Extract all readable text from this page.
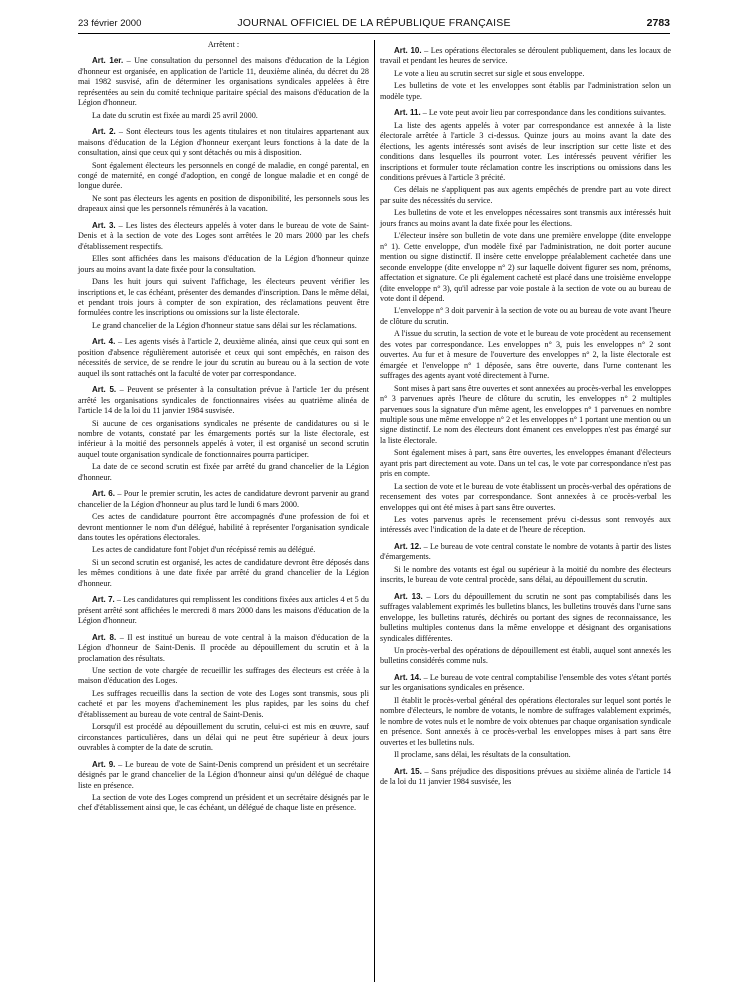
23 février 2000	JOURNAL OFFICIEL DE LA RÉPUBLIQUE FRANÇAISE	2783

Arrêtent :

Art. 1er. – Une consultation du personnel des maisons d'éducation de la Légion d'honneur est organisée, en application de l'article 11, deuxième alinéa, du décret du 28 mai 1982 susvisé, afin de déterminer les organisations syndicales appelées à être représentées au sein du comité technique paritaire spécial des maisons d'éducation de la Légion d'honneur.

La date du scrutin est fixée au mardi 25 avril 2000.

Art. 2. – Sont électeurs tous les agents titulaires et non titulaires appartenant aux maisons d'éducation de la Légion d'honneur exerçant leurs fonctions à la date de la consultation, ainsi que ceux qui y sont détachés ou mis à disposition.

Sont également électeurs les personnels en congé de maladie, en congé parental, en congé de maternité, en congé d'adoption, en congé de longue maladie et en congé de longue durée.

Ne sont pas électeurs les agents en position de disponibilité, les personnels sous les drapeaux ainsi que les personnels rémunérés à la vacation.

Art. 3. – Les listes des électeurs appelés à voter dans le bureau de vote de Saint-Denis et à la section de vote des Loges sont arrêtées le 20 mars 2000 par les chefs d'établissement respectifs.

Elles sont affichées dans les maisons d'éducation de la Légion d'honneur quinze jours au moins avant la date fixée pour la consultation.

Dans les huit jours qui suivent l'affichage, les électeurs peuvent vérifier les inscriptions et, le cas échéant, présenter des demandes d'inscription. Dans le même délai, et pendant trois jours à compter de son expiration, des réclamations peuvent être formulées contre les inscriptions ou omissions sur la liste électorale.

Le grand chancelier de la Légion d'honneur statue sans délai sur les réclamations.

Art. 4. – Les agents visés à l'article 2, deuxième alinéa, ainsi que ceux qui sont en position d'absence régulièrement autorisée et ceux qui sont empêchés, en raison des nécessités de service, de se rendre le jour du scrutin au bureau ou à la section de vote auquel ils sont rattachés ont la faculté de voter par correspondance.

Art. 5. – Peuvent se présenter à la consultation prévue à l'article 1er du présent arrêté les organisations syndicales de fonctionnaires visées au quatrième alinéa de l'article 14 de la loi du 11 janvier 1984 susvisée.

Si aucune de ces organisations syndicales ne présente de candidatures ou si le nombre de votants, constaté par les émargements portés sur la liste électorale, est inférieur à la moitié des personnels appelés à voter, il est organisé un second scrutin auquel toute organisation syndicale de fonctionnaires pourra participer.

La date de ce second scrutin est fixée par arrêté du grand chancelier de la Légion d'honneur.

Art. 6. – Pour le premier scrutin, les actes de candidature devront parvenir au grand chancelier de la Légion d'honneur au plus tard le lundi 6 mars 2000.

Ces actes de candidature pourront être accompagnés d'une profession de foi et devront mentionner le nom d'un délégué, habilité à représenter l'organisation syndicale dans toutes les opérations électorales.

Les actes de candidature font l'objet d'un récépissé remis au délégué.

Si un second scrutin est organisé, les actes de candidature devront être déposés dans les mêmes conditions à une date fixée par arrêté du grand chancelier de la Légion d'honneur.

Art. 7. – Les candidatures qui remplissent les conditions fixées aux articles 4 et 5 du présent arrêté sont affichées le mercredi 8 mars 2000 dans les maisons d'éducation de la Légion d'honneur.

Art. 8. – Il est institué un bureau de vote central à la maison d'éducation de la Légion d'honneur de Saint-Denis. Il procède au dépouillement du scrutin et à la proclamation des résultats.

Une section de vote chargée de recueillir les suffrages des électeurs est créée à la maison d'éducation des Loges.

Les suffrages recueillis dans la section de vote des Loges sont transmis, sous pli cacheté et par les moyens d'acheminement les plus rapides, par les soins du chef d'établissement au bureau de vote central de Saint-Denis.

Lorsqu'il est procédé au dépouillement du scrutin, celui-ci est mis en œuvre, sauf circonstances particulières, dans un délai qui ne peut être supérieur à deux jours ouvrables à compter de la date de scrutin.

Art. 9. – Le bureau de vote de Saint-Denis comprend un président et un secrétaire désignés par le grand chancelier de la Légion d'honneur ainsi qu'un délégué de chaque liste en présence.

La section de vote des Loges comprend un président et un secrétaire désignés par le chef d'établissement ainsi que, le cas échéant, un délégué de chaque liste en présence.

Art. 10. – Les opérations électorales se déroulent publiquement, dans les locaux de travail et pendant les heures de service.

Le vote a lieu au scrutin secret sur sigle et sous enveloppe.

Les bulletins de vote et les enveloppes sont établis par l'administration selon un modèle type.

Art. 11. – Le vote peut avoir lieu par correspondance dans les conditions suivantes.

La liste des agents appelés à voter par correspondance est annexée à la liste électorale arrêtée à l'article 3 ci-dessus. Quinze jours au moins avant la date des élections, les agents intéressés sont avisés de leur inscription sur cette liste et des conditions dans lesquelles ils pourront voter. Les intéressés peuvent vérifier les inscriptions et formuler toute réclamation contre les inscriptions ou omissions dans les conditions prévues à l'article 3 précité.

Ces délais ne s'appliquent pas aux agents empêchés de prendre part au vote direct par suite des nécessités du service.

Les bulletins de vote et les enveloppes nécessaires sont transmis aux intéressés huit jours francs au moins avant la date fixée pour les élections.

L'électeur insère son bulletin de vote dans une première enveloppe (dite enveloppe n° 1). Cette enveloppe, d'un modèle fixé par l'administration, ne doit porter aucune mention ou signe distinctif. Il insère cette enveloppe préalablement cachetée dans une seconde enveloppe (dite enveloppe n° 2) sur laquelle doivent figurer ses nom, prénoms, affectation et signature. Ce pli également cacheté est placé dans une troisième enveloppe (dite enveloppe n° 3), qu'il adresse par voie postale à la section de vote ou au bureau de vote dont il dépend.

L'enveloppe n° 3 doit parvenir à la section de vote ou au bureau de vote avant l'heure de clôture du scrutin.

A l'issue du scrutin, la section de vote et le bureau de vote procèdent au recensement des votes par correspondance. Les enveloppes n° 3, puis les enveloppes n° 2 sont ouvertes. Au fur et à mesure de l'ouverture des enveloppes n° 2, la liste électorale est émargée et l'enveloppe n° 1 déposée, sans être ouverte, dans l'urne contenant les suffrages des agents ayant voté directement à l'urne.

Sont mises à part sans être ouvertes et sont annexées au procès-verbal les enveloppes n° 3 parvenues après l'heure de clôture du scrutin, les enveloppes n° 2 multiples parvenues sous la signature d'un même agent, les enveloppes n° 1 parvenues en nombre multiple sous une même enveloppe n° 2 et les enveloppes n° 1 portant une mention ou un signe distinctif. Le nom des électeurs dont émanent ces enveloppes n'est pas émargé sur la liste électorale.

Sont également mises à part, sans être ouvertes, les enveloppes émanant d'électeurs ayant pris part directement au vote. Dans un tel cas, le vote par correspondance n'est pas pris en compte.

La section de vote et le bureau de vote établissent un procès-verbal des opérations de recensement des votes par correspondance. Sont annexées à ce procès-verbal les enveloppes qui ont été mises à part sans être ouvertes.

Les votes parvenus après le recensement prévu ci-dessus sont renvoyés aux intéressés avec l'indication de la date et de l'heure de réception.

Art. 12. – Le bureau de vote central constate le nombre de votants à partir des listes d'émargements.

Si le nombre des votants est égal ou supérieur à la moitié du nombre des électeurs inscrits, le bureau de vote central procède, sans délai, au dépouillement du scrutin.

Art. 13. – Lors du dépouillement du scrutin ne sont pas comptabilisés dans les suffrages valablement exprimés les bulletins blancs, les bulletins trouvés dans l'urne sans enveloppe, les bulletins raturés, déchirés ou portant des signes de reconnaissance, les bulletins multiples contenus dans la même enveloppe et désignant des organisations syndicales différentes.

Un procès-verbal des opérations de dépouillement est établi, auquel sont annexés les bulletins considérés comme nuls.

Art. 14. – Le bureau de vote central comptabilise l'ensemble des votes s'étant portés sur les organisations syndicales en présence.

Il établit le procès-verbal général des opérations électorales sur lequel sont portés le nombre d'électeurs, le nombre de votants, le nombre de suffrages valablement exprimés, le nombre de votes nuls et le nombre de voix obtenues par chaque organisation syndicale en présence. Sont annexés à ce procès-verbal les enveloppes mises à part sans être ouvertes et les bulletins nuls.

Il proclame, sans délai, les résultats de la consultation.

Art. 15. – Sans préjudice des dispositions prévues au sixième alinéa de l'article 14 de la loi du 11 janvier 1984 susvisée, les
